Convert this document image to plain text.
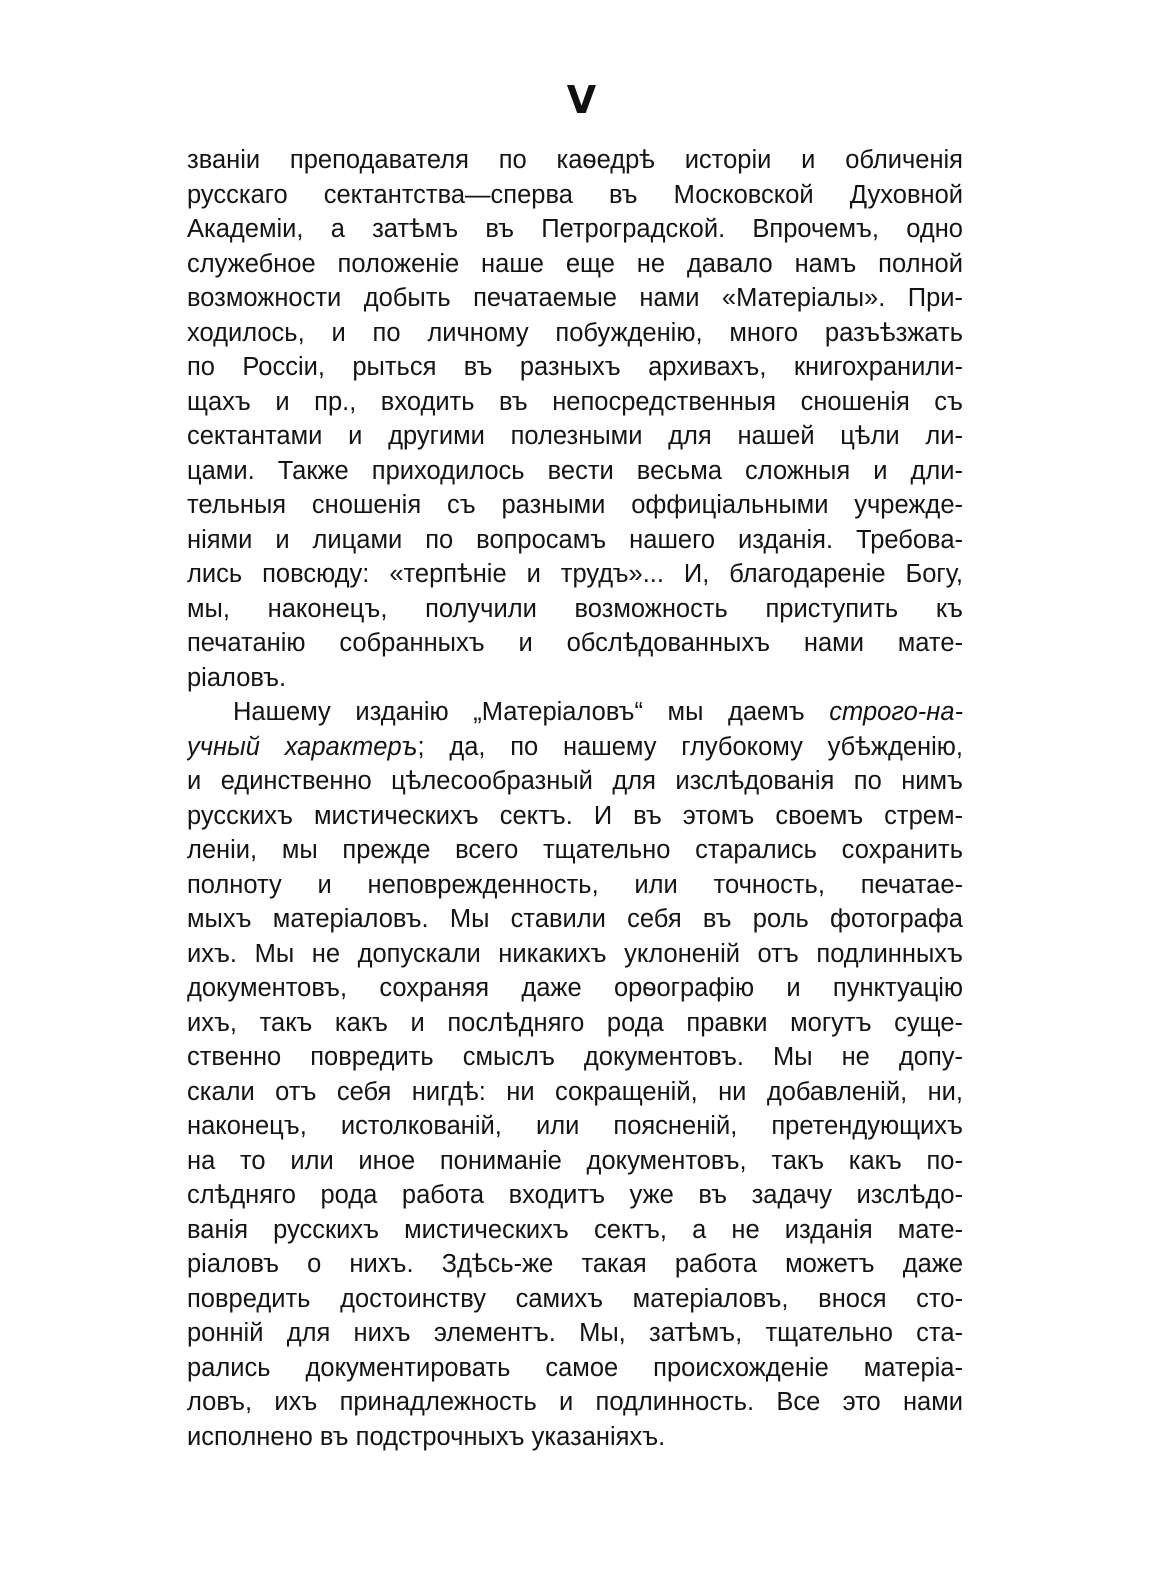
V
званіи преподавателя по каѳедрѣ исторіи и обличенія
русскаго сектантства—сперва въ Московской Духовной
Академіи, а затѣмъ въ Петроградской. Впрочемъ, одно
служебное положеніе наше еще не давало намъ полной
возможности добыть печатаемые нами «Матеріалы». При-
ходилось, и по личному побужденію, много разъѣзжать
по Россіи, рыться въ разныхъ архивахъ, книгохранили-
щахъ и пр., входить въ непосредственныя сношенія съ
сектантами и другими полезными для нашей цѣли ли-
цами. Также приходилось вести весьма сложныя и дли-
тельныя сношенія съ разными оффиціальными учрежде-
ніями и лицами по вопросамъ нашего изданія. Требова-
лись повсюду: «терпѣніе и трудъ»... И, благодареніе Богу,
мы, наконецъ, получили возможность приступить къ
печатанію собранныхъ и обслѣдованныхъ нами мате-
ріаловъ.
Нашему изданію „Матеріаловъ“ мы даемъ строго-на-
учный характеръ; да, по нашему глубокому убѣжденію,
и единственно цѣлесообразный для изслѣдованія по нимъ
русскихъ мистическихъ сектъ. И въ этомъ своемъ стрем-
леніи, мы прежде всего тщательно старались сохранить
полноту и неповрежденность, или точность, печатае-
мыхъ матеріаловъ. Мы ставили себя въ роль фотографа
ихъ. Мы не допускали никакихъ уклоненій отъ подлинныхъ
документовъ, сохраняя даже орѳографію и пунктуацію
ихъ, такъ какъ и послѣдняго рода правки могутъ суще-
ственно повредить смыслъ документовъ. Мы не допу-
скали отъ себя нигдѣ: ни сокращеній, ни добавленій, ни,
наконецъ, истолкованій, или поясненій, претендующихъ
на то или иное пониманіе документовъ, такъ какъ по-
слѣдняго рода работа входитъ уже въ задачу изслѣдо-
ванія русскихъ мистическихъ сектъ, а не изданія мате-
ріаловъ о нихъ. Здѣсь-же такая работа можетъ даже
повредить достоинству самихъ матеріаловъ, внося сто-
ронній для нихъ элементъ. Мы, затѣмъ, тщательно ста-
рались документировать самое происхожденіе матеріа-
ловъ, ихъ принадлежность и подлинность. Все это нами
исполнено въ подстрочныхъ указаніяхъ.
